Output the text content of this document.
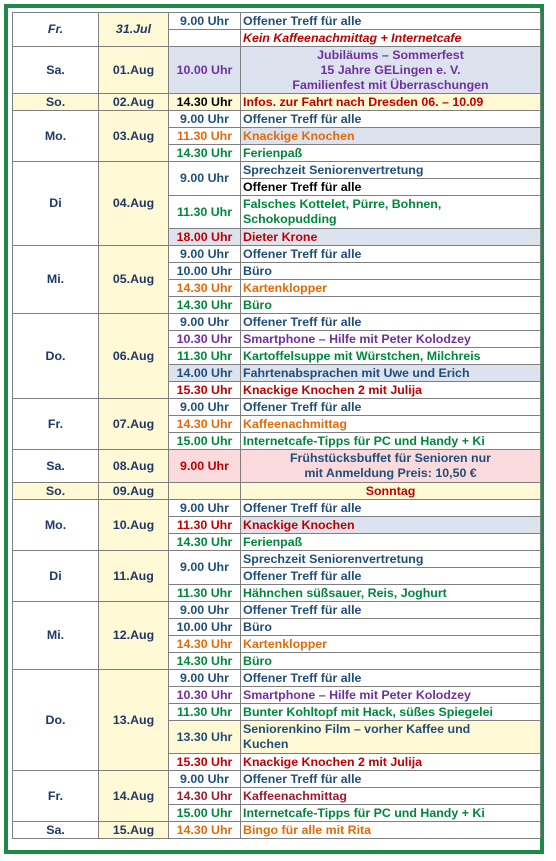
Fr.	31.Jul	9.00 Uhr	Offener Treff für alle
			Kein Kaffeenachmittag + Internetcafe
Sa.	01.Aug	10.00 Uhr	Jubiläums – Sommerfest
15 Jahre GELingen e. V.
Familienfest mit Überraschungen
So.	02.Aug	14.30 Uhr	Infos. zur Fahrt nach Dresden 06. – 10.09
Mo.	03.Aug	9.00 Uhr	Offener Treff für alle
		11.30 Uhr	Knackige Knochen
		14.30 Uhr	Ferienpaß
Di	04.Aug	9.00 Uhr	Sprechzeit Seniorenvertretung
			Offener Treff für alle
		11.30 Uhr	Falsches Kottelet, Pürre, Bohnen,
Schokopudding
		18.00 Uhr	Dieter Krone
Mi.	05.Aug	9.00 Uhr	Offener Treff für alle
		10.00 Uhr	Büro
		14.30 Uhr	Kartenklopper
		14.30 Uhr	Büro
Do.	06.Aug	9.00 Uhr	Offener Treff für alle
		10.30 Uhr	Smartphone – Hilfe mit Peter Kolodzey
		11.30 Uhr	Kartoffelsuppe mit Würstchen, Milchreis
		14.00 Uhr	Fahrtenabsprachen mit Uwe und Erich
		15.30 Uhr	Knackige Knochen 2 mit Julija
Fr.	07.Aug	9.00 Uhr	Offener Treff für alle
		14.30 Uhr	Kaffeenachmittag
		15.00 Uhr	Internetcafe-Tipps für PC und Handy + Ki
Sa.	08.Aug	9.00 Uhr	Frühstücksbuffet für Senioren nur
mit Anmeldung Preis: 10,50 €
So.	09.Aug		Sonntag
Mo.	10.Aug	9.00 Uhr	Offener Treff für alle
		11.30 Uhr	Knackige Knochen
		14.30 Uhr	Ferienpaß
Di	11.Aug	9.00 Uhr	Sprechzeit Seniorenvertretung
			Offener Treff für alle
		11.30 Uhr	Hähnchen süßsauer, Reis, Joghurt
Mi.	12.Aug	9.00 Uhr	Offener Treff für alle
		10.00 Uhr	Büro
		14.30 Uhr	Kartenklopper
		14.30 Uhr	Büro
Do.	13.Aug	9.00 Uhr	Offener Treff für alle
		10.30 Uhr	Smartphone – Hilfe mit Peter Kolodzey
		11.30 Uhr	Bunter Kohltopf mit Hack, süßes Spiegelei
		13.30 Uhr	Seniorenkino Film – vorher Kaffee und
Kuchen
		15.30 Uhr	Knackige Knochen 2 mit Julija
Fr.	14.Aug	9.00 Uhr	Offener Treff für alle
		14.30 Uhr	Kaffeenachmittag
		15.00 Uhr	Internetcafe-Tipps für PC und Handy + Ki
Sa.	15.Aug	14.30 Uhr	Bingo für alle mit Rita
